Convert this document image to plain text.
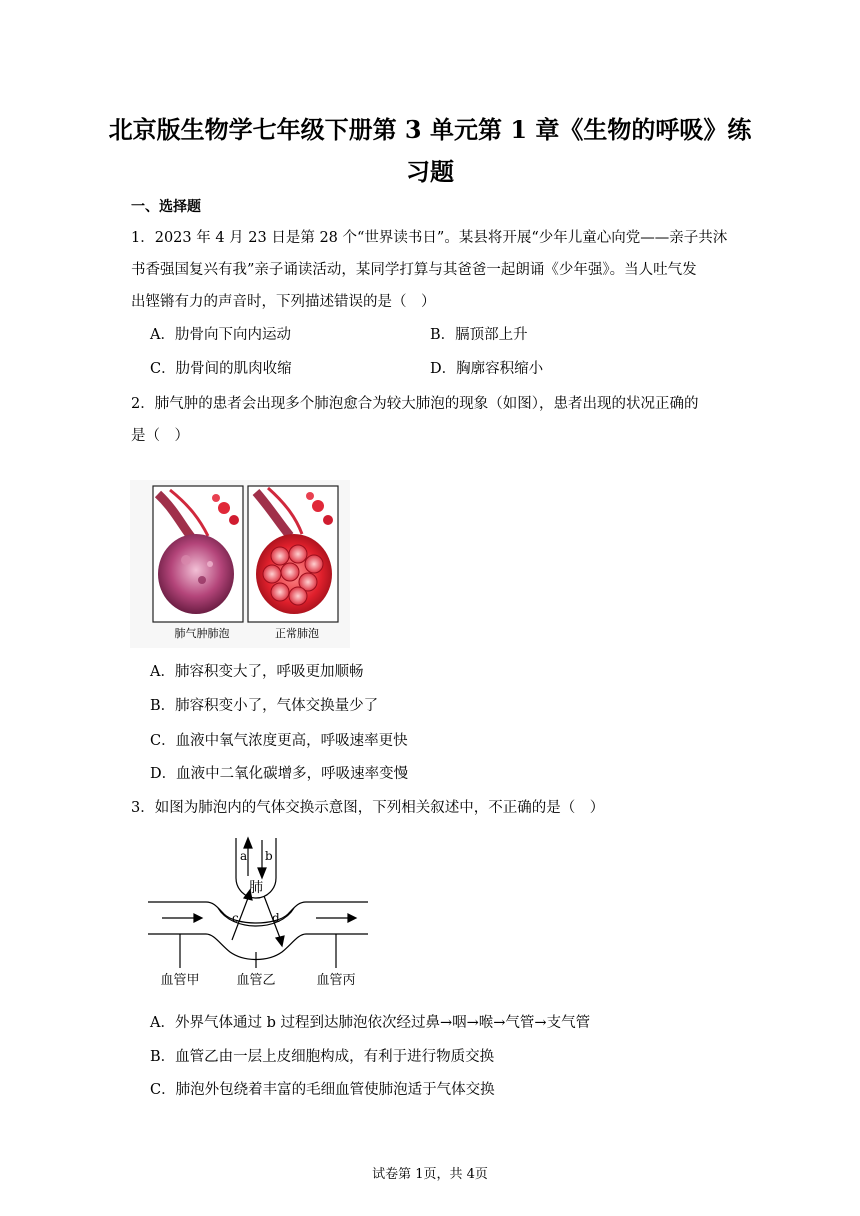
北京版生物学七年级下册第 3 单元第 1 章《生物的呼吸》练
习题
一、选择题
1．2023 年 4 月 23 日是第 28 个“世界读书日”。某县将开展“少年儿童心向党——亲子共沐
书香强国复兴有我”亲子诵读活动，某同学打算与其爸爸一起朗诵《少年强》。当人吐气发
出铿锵有力的声音时，下列描述错误的是（　）
A．肋骨向下向内运动	B．膈顶部上升
C．肋骨间的肌肉收缩	D．胸廓容积缩小
2．肺气肿的患者会出现多个肺泡愈合为较大肺泡的现象（如图），患者出现的状况正确的
是（　）
肺气肿肺泡	正常肺泡
A．肺容积变大了，呼吸更加顺畅
B．肺容积变小了，气体交换量少了
C．血液中氧气浓度更高，呼吸速率更快
D．血液中二氧化碳增多，呼吸速率变慢
3．如图为肺泡内的气体交换示意图，下列相关叙述中，不正确的是（　）
a b
c	d
肺
血管甲	血管乙	血管丙
A．外界气体通过 b 过程到达肺泡依次经过鼻→咽→喉→气管→支气管
B．血管乙由一层上皮细胞构成，有利于进行物质交换
C．肺泡外包绕着丰富的毛细血管使肺泡适于气体交换
试卷第 1页，共 4页
